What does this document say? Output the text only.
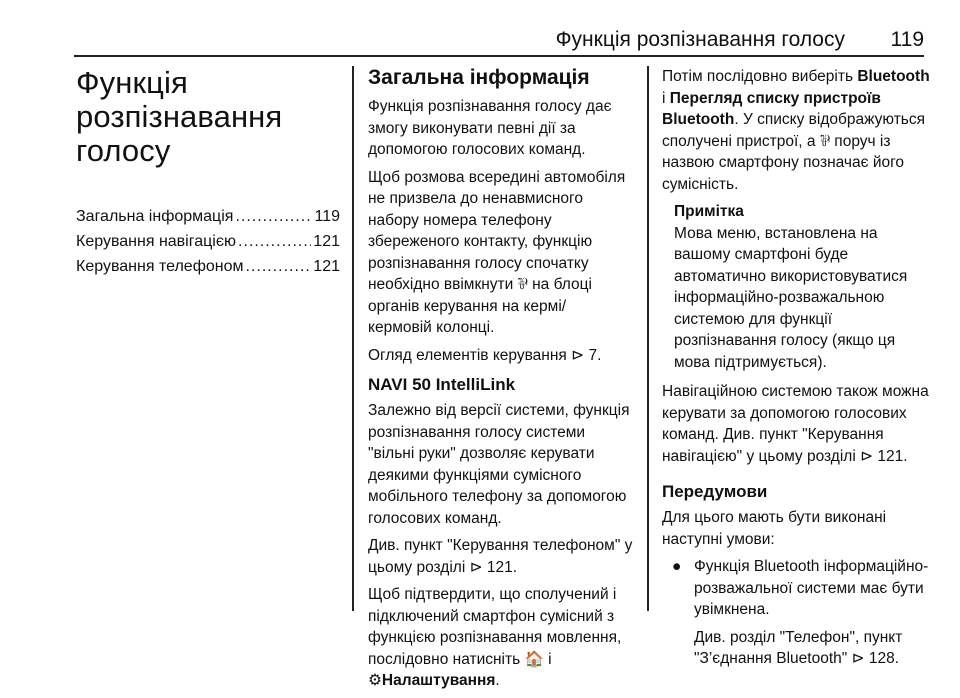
Функція розпізнавання голосу 119
Функція розпізнавання голосу
Загальна інформація .....	119
Керування навігацією .....	121
Керування телефоном .....	121
Загальна інформація

Функція розпізнавання голосу дає змогу виконувати певні дії за допомогою голосових команд.

Щоб розмова всередині автомобіля не призвела до ненавмисного набору номера телефону збереженого контакту, функцію розпізнавання голосу спочатку необхідно ввімкнути ⅌ на блоці органів керування на кермі/ кермовій колонці.

Огляд елементів керування ⊳ 7.

NAVI 50 IntelliLink

Залежно від версії системи, функція розпізнавання голосу системи "вільні руки" дозволяє керувати деякими функціями сумісного мобільного телефону за допомогою голосових команд.

Див. пункт "Керування телефоном" у цьому розділі ⊳ 121.

Щоб підтвердити, що сполучений і підключений смартфон сумісний з функцією розпізнавання мовлення, послідовно натисніть 🏠 і
⚙Налаштування.

Потім послідовно виберіть Bluetooth і Перегляд списку пристроїв Bluetooth. У списку відображуються сполучені пристрої, а ⅌ поруч із назвою смартфону позначає його сумісність.

Примітка
Мова меню, встановлена на вашому смартфоні буде автоматично використовуватися інформаційно-розважальною системою для функції розпізнавання голосу (якщо ця мова підтримується).

Навігаційною системою також можна керувати за допомогою голосових команд. Див. пункт "Керування навігацією" у цьому розділі ⊳ 121.

Передумови

Для цього мають бути виконані наступні умови:

● Функція Bluetooth інформаційно-розважальної системи має бути увімкнена.

Див. розділ "Телефон", пункт "З’єднання Bluetooth" ⊳ 128.
